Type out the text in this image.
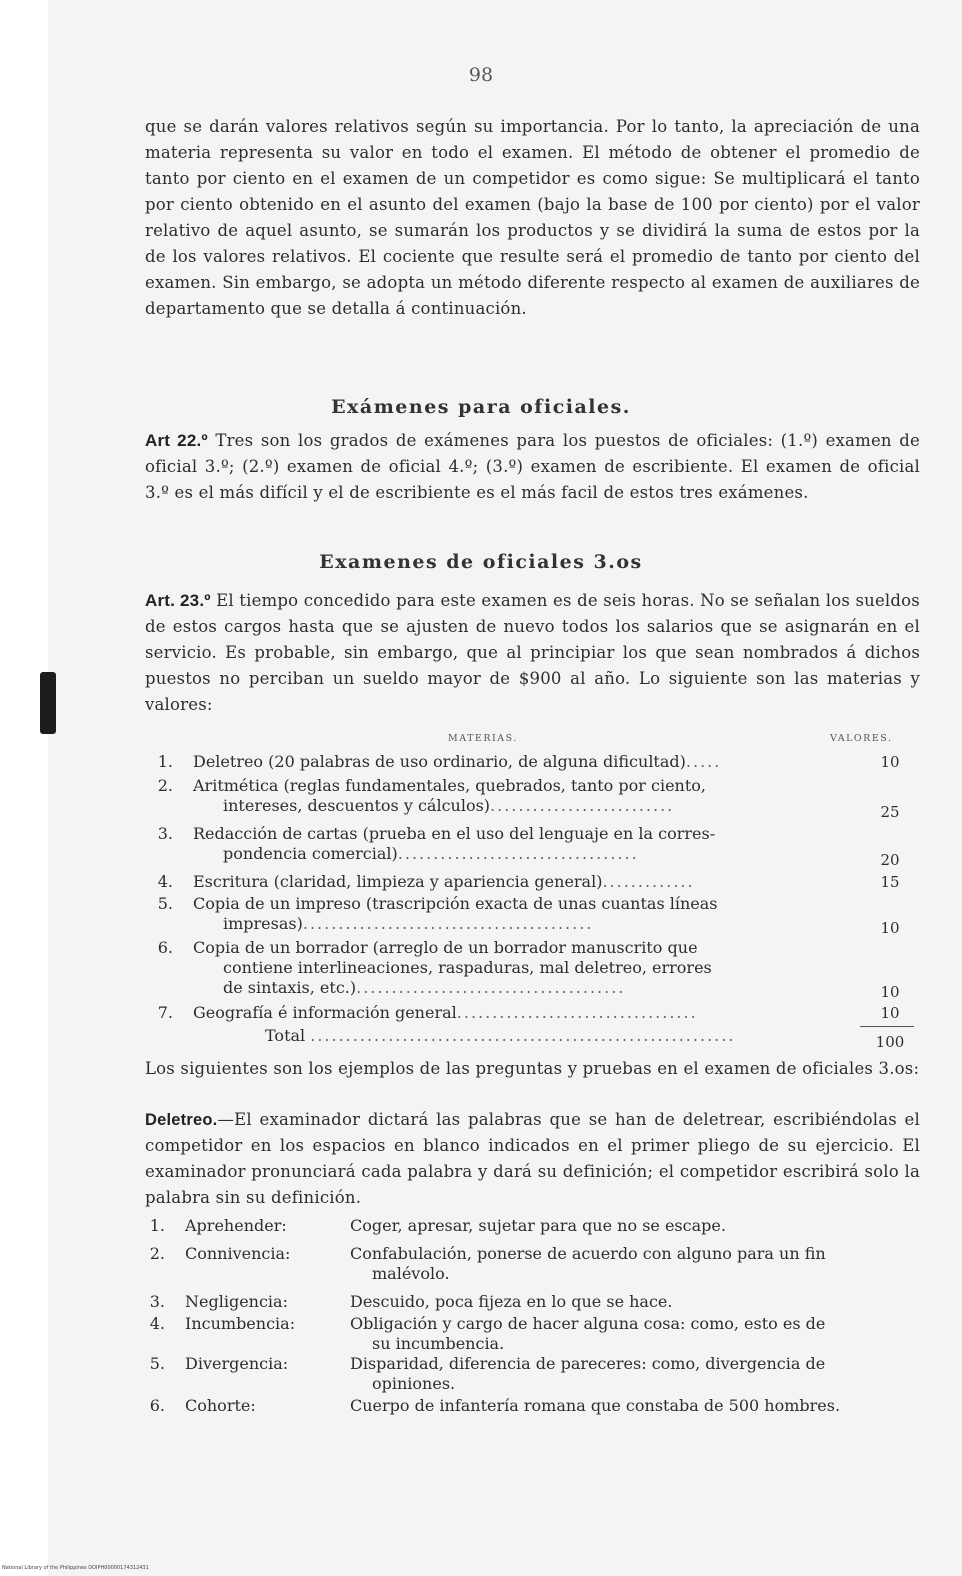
98
que se darán valores relativos según su importancia. Por lo tanto, la apreciación de una materia representa su valor en todo el examen. El método de obtener el promedio de tanto por ciento en el examen de un competidor es como sigue: Se multiplicará el tanto por ciento obtenido en el asunto del examen (bajo la base de 100 por ciento) por el valor relativo de aquel asunto, se sumarán los productos y se dividirá la suma de estos por la de los valores relativos. El cociente que resulte será el promedio de tanto por ciento del examen. Sin embargo, se adopta un método diferente respecto al examen de auxiliares de departamento que se detalla á continuación.
Exámenes para oficiales.
Art 22.º Tres son los grados de exámenes para los puestos de oficiales: (1.º) examen de oficial 3.º; (2.º) examen de oficial 4.º; (3.º) examen de escribiente. El examen de oficial 3.º es el más difícil y el de escribiente es el más facil de estos tres exámenes.
Examenes de oficiales 3.os
Art. 23.º El tiempo concedido para este examen es de seis horas. No se señalan los sueldos de estos cargos hasta que se ajusten de nuevo todos los salarios que se asignarán en el servicio. Es probable, sin embargo, que al principiar los que sean nombrados á dichos puestos no perciban un sueldo mayor de $900 al año. Lo siguiente son las materias y valores:
MATERIAS.	VALORES.
1. Deletreo (20 palabras de uso ordinario, de alguna dificultad).....	10
2. Aritmética (reglas fundamentales, quebrados, tanto por ciento,
intereses, descuentos y cálculos)..........................	25
3. Redacción de cartas (prueba en el uso del lenguaje en la corres-
pondencia comercial)..................................	20
4. Escritura (claridad, limpieza y apariencia general).............	15
5. Copia de un impreso (trascripción exacta de unas cuantas líneas
impresas).........................................	10
6. Copia de un borrador (arreglo de un borrador manuscrito que
contiene interlineaciones, raspaduras, mal deletreo, errores
de sintaxis, etc.)......................................	10
7. Geografía é información general..................................	10
Total ............................................................	100
Los siguientes son los ejemplos de las preguntas y pruebas en el examen de oficiales 3.os:
Deletreo.—El examinador dictará las palabras que se han de deletrear, escribiéndolas el competidor en los espacios en blanco indicados en el primer pliego de su ejercicio. El examinador pronunciará cada palabra y dará su definición; el competidor escribirá solo la palabra sin su definición.
1. Aprehender:	Coger, apresar, sujetar para que no se escape.
2. Connivencia:	Confabulación, ponerse de acuerdo con alguno para un fin
malévolo.
3. Negligencia:	Descuido, poca fijeza en lo que se hace.
4. Incumbencia:	Obligación y cargo de hacer alguna cosa: como, esto es de
su incumbencia.
5. Divergencia:	Disparidad, diferencia de pareceres: como, divergencia de
opiniones.
6. Cohorte:	Cuerpo de infantería romana que constaba de 500 hombres.
National Library of the Philippines DOIPH00000174312431
